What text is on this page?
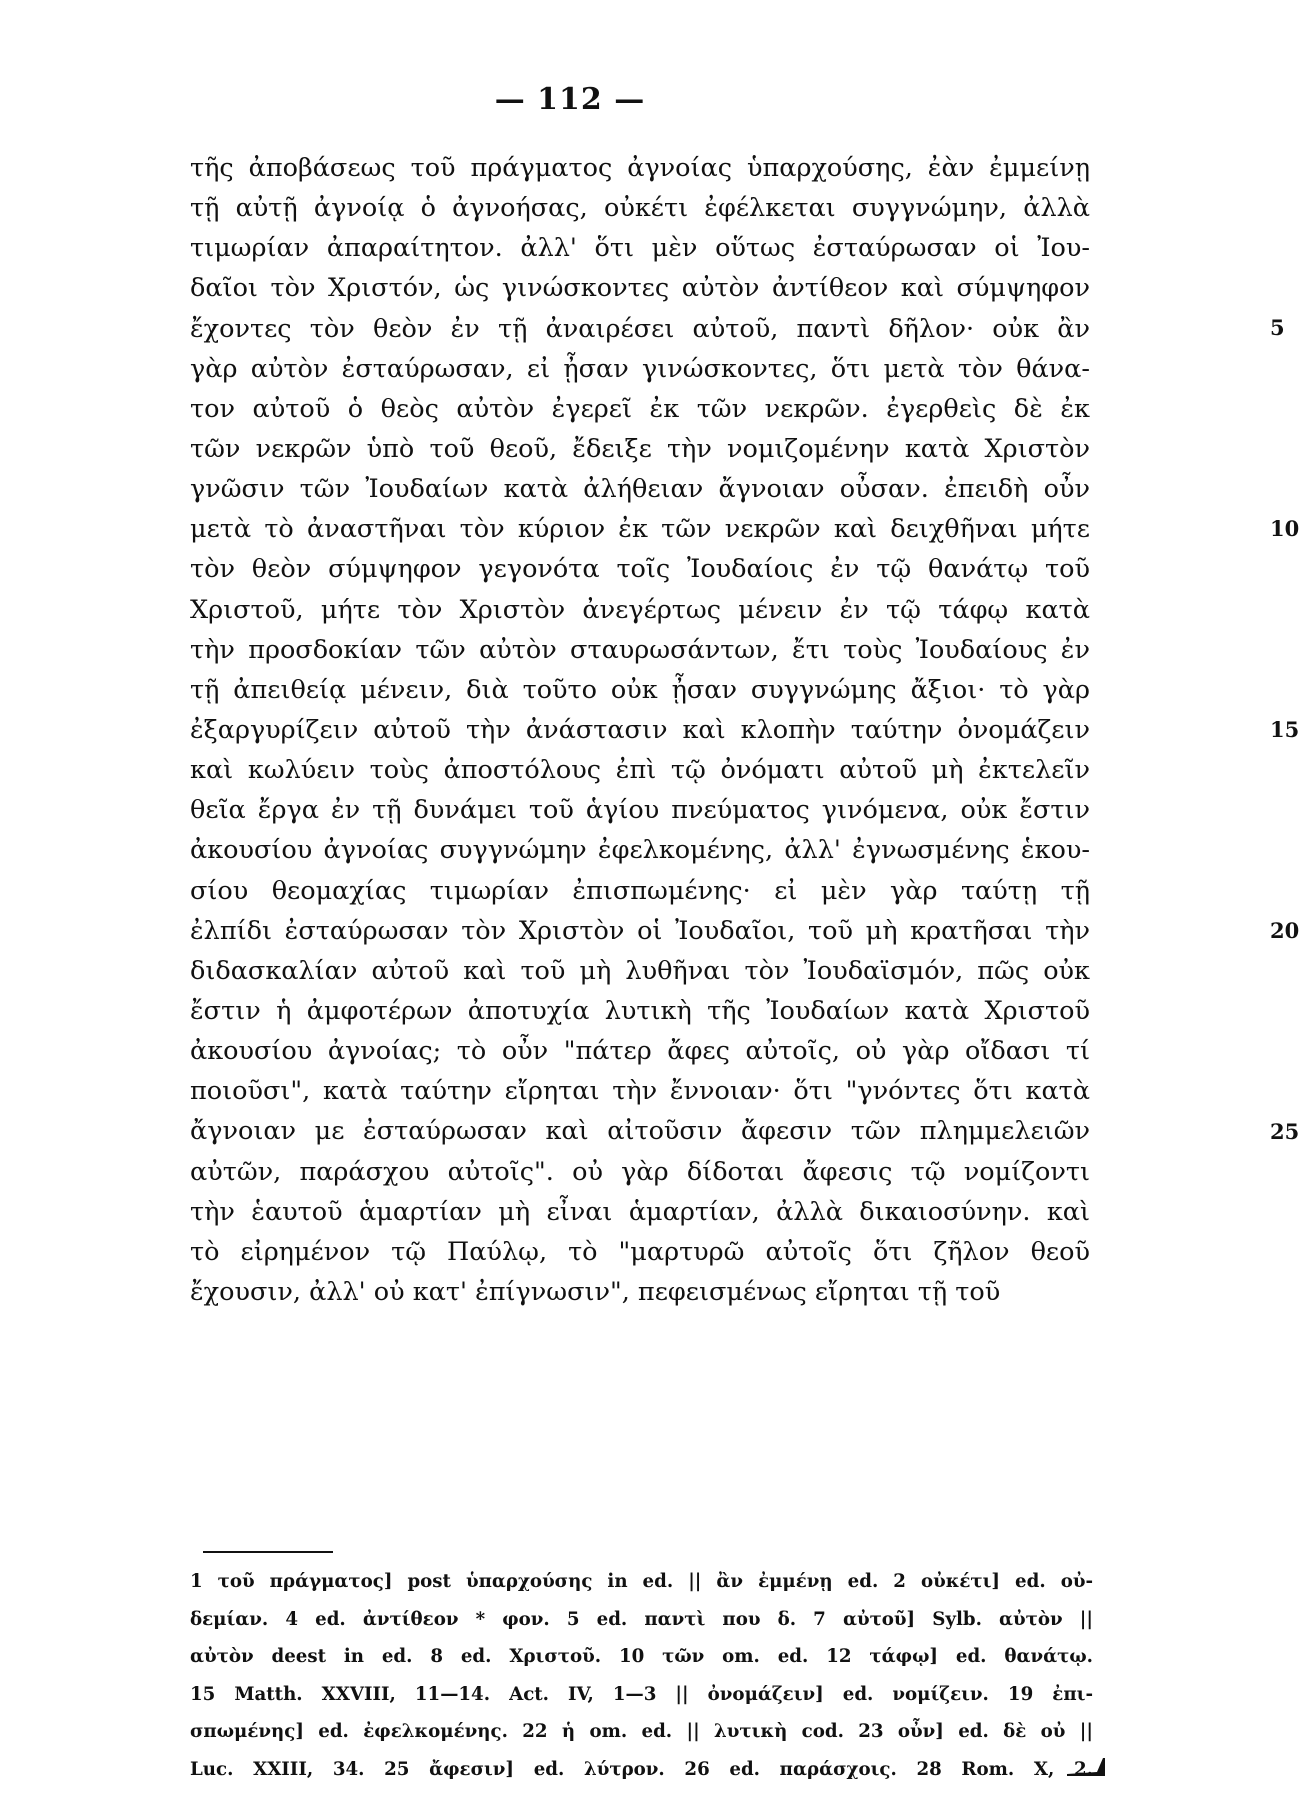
— 112 —
τῆς ἀποβάσεως τοῦ πράγματος ἀγνοίας ὑπαρχούσης, ἐὰν ἐμμείνῃ
τῇ αὐτῇ ἀγνοίᾳ ὁ ἀγνοήσας, οὐκέτι ἐφέλκεται συγγνώμην, ἀλλὰ
τιμωρίαν ἀπαραίτητον. ἀλλ' ὅτι μὲν οὕτως ἐσταύρωσαν οἱ Ἰου-
δαῖοι τὸν Χριστόν, ὡς γινώσκοντες αὐτὸν ἀντίθεον καὶ σύμψηφον
ἔχοντες τὸν θεὸν ἐν τῇ ἀναιρέσει αὐτοῦ, παντὶ δῆλον· οὐκ ἂν
γὰρ αὐτὸν ἐσταύρωσαν, εἰ ᾖσαν γινώσκοντες, ὅτι μετὰ τὸν θάνα-
τον αὐτοῦ ὁ θεὸς αὐτὸν ἐγερεῖ ἐκ τῶν νεκρῶν. ἐγερθεὶς δὲ ἐκ
τῶν νεκρῶν ὑπὸ τοῦ θεοῦ, ἔδειξε τὴν νομιζομένην κατὰ Χριστὸν
γνῶσιν τῶν Ἰουδαίων κατὰ ἀλήθειαν ἄγνοιαν οὖσαν. ἐπειδὴ οὖν
μετὰ τὸ ἀναστῆναι τὸν κύριον ἐκ τῶν νεκρῶν καὶ δειχθῆναι μήτε
τὸν θεὸν σύμψηφον γεγονότα τοῖς Ἰουδαίοις ἐν τῷ θανάτῳ τοῦ
Χριστοῦ, μήτε τὸν Χριστὸν ἀνεγέρτως μένειν ἐν τῷ τάφῳ κατὰ
τὴν προσδοκίαν τῶν αὐτὸν σταυρωσάντων, ἔτι τοὺς Ἰουδαίους ἐν
τῇ ἀπειθείᾳ μένειν, διὰ τοῦτο οὐκ ᾖσαν συγγνώμης ἄξιοι· τὸ γὰρ
ἐξαργυρίζειν αὐτοῦ τὴν ἀνάστασιν καὶ κλοπὴν ταύτην ὀνομάζειν
καὶ κωλύειν τοὺς ἀποστόλους ἐπὶ τῷ ὀνόματι αὐτοῦ μὴ ἐκτελεῖν
θεῖα ἔργα ἐν τῇ δυνάμει τοῦ ἁγίου πνεύματος γινόμενα, οὐκ ἔστιν
ἀκουσίου ἀγνοίας συγγνώμην ἐφελκομένης, ἀλλ' ἐγνωσμένης ἑκου-
σίου θεομαχίας τιμωρίαν ἐπισπωμένης· εἰ μὲν γὰρ ταύτῃ τῇ
ἐλπίδι ἐσταύρωσαν τὸν Χριστὸν οἱ Ἰουδαῖοι, τοῦ μὴ κρατῆσαι τὴν
διδασκαλίαν αὐτοῦ καὶ τοῦ μὴ λυθῆναι τὸν Ἰουδαϊσμόν, πῶς οὐκ
ἔστιν ἡ ἀμφοτέρων ἀποτυχία λυτικὴ τῆς Ἰουδαίων κατὰ Χριστοῦ
ἀκουσίου ἀγνοίας; τὸ οὖν "πάτερ ἄφες αὐτοῖς, οὐ γὰρ οἴδασι τί
ποιοῦσι", κατὰ ταύτην εἴρηται τὴν ἔννοιαν· ὅτι "γνόντες ὅτι κατὰ
ἄγνοιαν με ἐσταύρωσαν καὶ αἰτοῦσιν ἄφεσιν τῶν πλημμελειῶν
αὐτῶν, παράσχου αὐτοῖς". οὐ γὰρ δίδοται ἄφεσις τῷ νομίζοντι
τὴν ἑαυτοῦ ἁμαρτίαν μὴ εἶναι ἁμαρτίαν, ἀλλὰ δικαιοσύνην. καὶ
τὸ εἰρημένον τῷ Παύλῳ, τὸ "μαρτυρῶ αὐτοῖς ὅτι ζῆλον θεοῦ
ἔχουσιν, ἀλλ' οὐ κατ' ἐπίγνωσιν", πεφεισμένως εἴρηται τῇ τοῦ
5
10
15
20
25
1 τοῦ πράγματος] post ὑπαρχούσης in ed. || ἂν ἐμμένῃ ed. 2 οὐκέτι] ed. οὐ-
δεμίαν. 4 ed. ἀντίθεον * φον. 5 ed. παντὶ που δ. 7 αὐτοῦ] Sylb. αὐτὸν ||
αὐτὸν deest in ed. 8 ed. Χριστοῦ. 10 τῶν om. ed. 12 τάφῳ] ed. θανάτῳ.
15 Matth. XXVIII, 11—14. Act. IV, 1—3 || ὀνομάζειν] ed. νομίζειν. 19 ἐπι-
σπωμένης] ed. ἐφελκομένης. 22 ἡ om. ed. || λυτικὴ cod. 23 οὖν] ed. δὲ οὐ ||
Luc. XXIII, 34. 25 ἄφεσιν] ed. λύτρον. 26 ed. παράσχοις. 28 Rom. X, 2.
